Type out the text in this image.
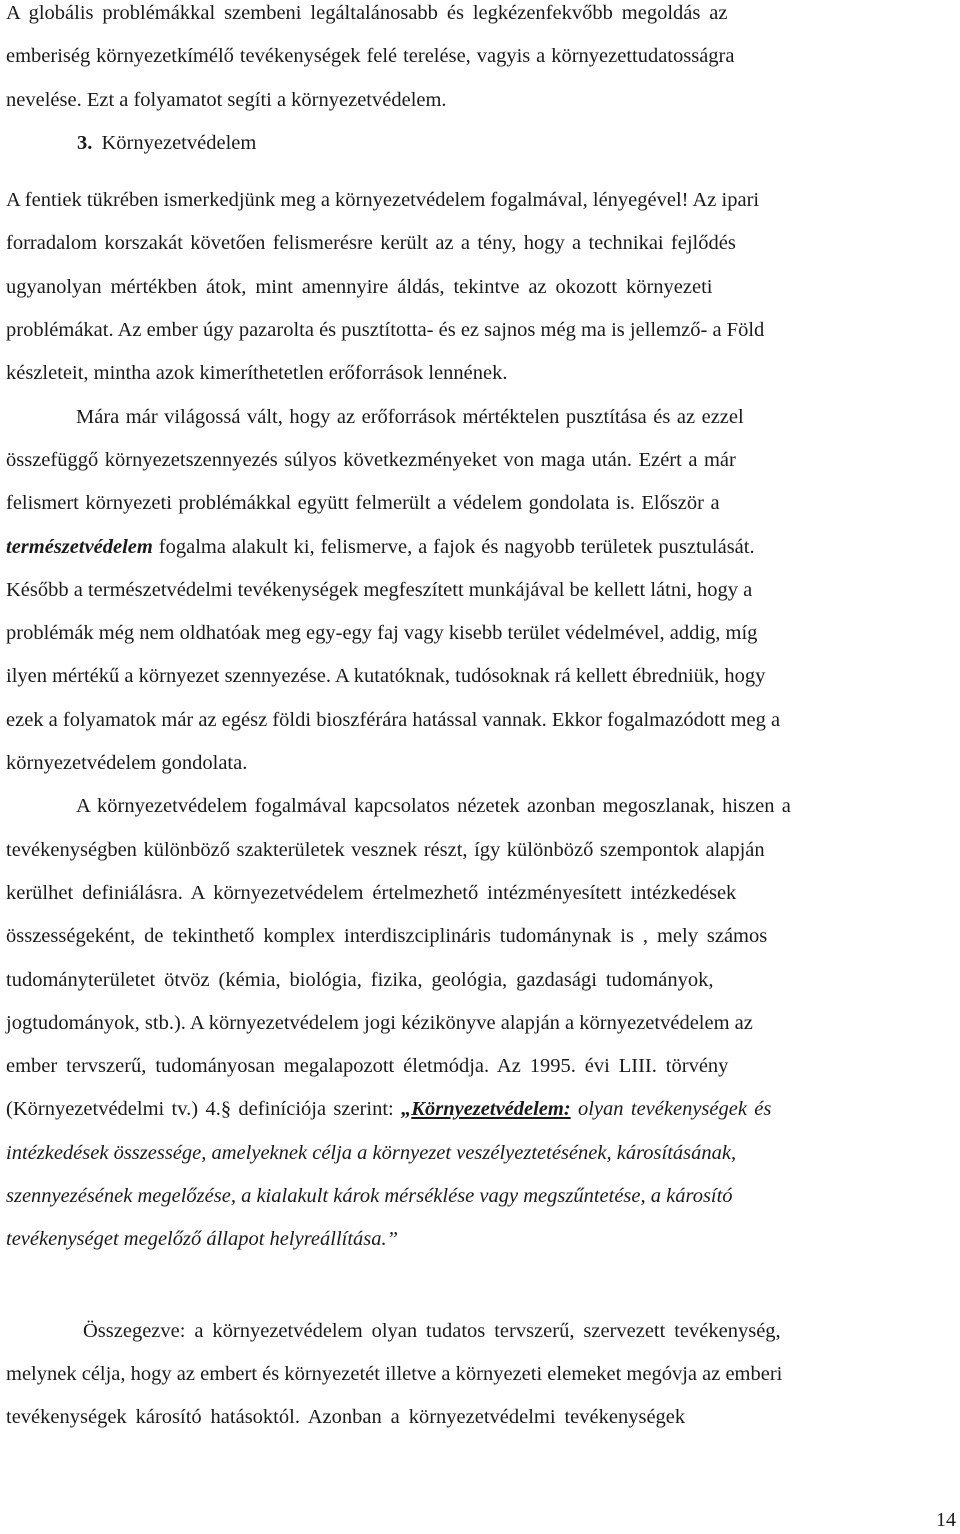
A globális problémákkal szembeni legáltalánosabb és legkézenfekvőbb megoldás az
emberiség környezetkímélő tevékenységek felé terelése, vagyis a környezettudatosságra
nevelése. Ezt a folyamatot segíti a környezetvédelem.

3. Környezetvédelem

A fentiek tükrében ismerkedjünk meg a környezetvédelem fogalmával, lényegével! Az ipari
forradalom korszakát követően felismerésre került az a tény, hogy a technikai fejlődés
ugyanolyan mértékben átok, mint amennyire áldás, tekintve az okozott környezeti
problémákat. Az ember úgy pazarolta és pusztította- és ez sajnos még ma is jellemző- a Föld
készleteit, mintha azok kimeríthetetlen erőforrások lennének.

Mára már világossá vált, hogy az erőforrások mértéktelen pusztítása és az ezzel
összefüggő környezetszennyezés súlyos következményeket von maga után. Ezért a már
felismert környezeti problémákkal együtt felmerült a védelem gondolata is. Először a
természetvédelem fogalma alakult ki, felismerve, a fajok és nagyobb területek pusztulását.
Később a természetvédelmi tevékenységek megfeszített munkájával be kellett látni, hogy a
problémák még nem oldhatóak meg egy-egy faj vagy kisebb terület védelmével, addig, míg
ilyen mértékű a környezet szennyezése. A kutatóknak, tudósoknak rá kellett ébredniük, hogy
ezek a folyamatok már az egész földi bioszférára hatással vannak. Ekkor fogalmazódott meg a
környezetvédelem gondolata.

A környezetvédelem fogalmával kapcsolatos nézetek azonban megoszlanak, hiszen a
tevékenységben különböző szakterületek vesznek részt, így különböző szempontok alapján
kerülhet definiálásra. A környezetvédelem értelmezhető intézményesített intézkedések
összességeként, de tekinthető komplex interdiszciplináris tudománynak is , mely számos
tudományterületet ötvöz (kémia, biológia, fizika, geológia, gazdasági tudományok,
jogtudományok, stb.). A környezetvédelem jogi kézikönyve alapján a környezetvédelem az
ember tervszerű, tudományosan megalapozott életmódja. Az 1995. évi LIII. törvény
(Környezetvédelmi tv.) 4.§ definíciója szerint: „Környezetvédelem: olyan tevékenységek és
intézkedések összessége, amelyeknek célja a környezet veszélyeztetésének, károsításának,
szennyezésének megelőzése, a kialakult károk mérséklése vagy megszűntetése, a károsító
tevékenységet megelőző állapot helyreállítása.”

Összegezve: a környezetvédelem olyan tudatos tervszerű, szervezett tevékenység,
melynek célja, hogy az embert és környezetét illetve a környezeti elemeket megóvja az emberi
tevékenységek károsító hatásoktól. Azonban a környezetvédelmi tevékenységek

14
